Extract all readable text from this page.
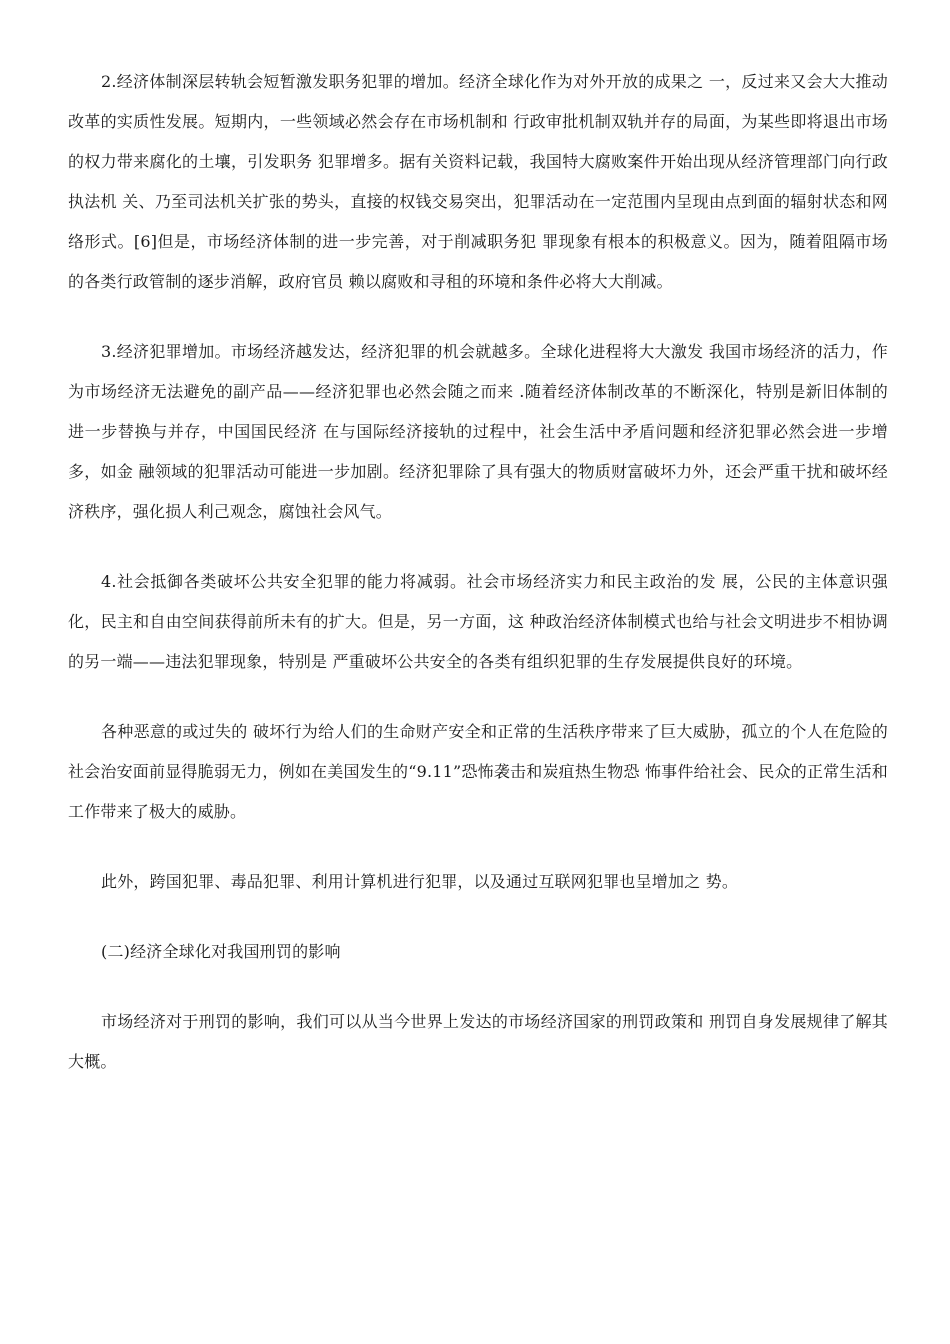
2.经济体制深层转轨会短暂激发职务犯罪的增加。经济全球化作为对外开放的成果之 一，反过来又会大大推动改革的实质性发展。短期内，一些领域必然会存在市场机制和 行政审批机制双轨并存的局面，为某些即将退出市场的权力带来腐化的土壤，引发职务 犯罪增多。据有关资料记载，我国特大腐败案件开始出现从经济管理部门向行政执法机 关、乃至司法机关扩张的势头，直接的权钱交易突出，犯罪活动在一定范围内呈现由点到面的辐射状态和网络形式。[6]但是，市场经济体制的进一步完善，对于削减职务犯 罪现象有根本的积极意义。因为，随着阻隔市场的各类行政管制的逐步消解，政府官员 赖以腐败和寻租的环境和条件必将大大削减。

3.经济犯罪增加。市场经济越发达，经济犯罪的机会就越多。全球化进程将大大激发 我国市场经济的活力，作为市场经济无法避免的副产品——经济犯罪也必然会随之而来 .随着经济体制改革的不断深化，特别是新旧体制的进一步替换与并存，中国国民经济 在与国际经济接轨的过程中，社会生活中矛盾问题和经济犯罪必然会进一步增多，如金 融领域的犯罪活动可能进一步加剧。经济犯罪除了具有强大的物质财富破坏力外，还会严重干扰和破坏经济秩序，强化损人利己观念，腐蚀社会风气。

4.社会抵御各类破坏公共安全犯罪的能力将减弱。社会市场经济实力和民主政治的发 展，公民的主体意识强化，民主和自由空间获得前所未有的扩大。但是，另一方面，这 种政治经济体制模式也给与社会文明进步不相协调的另一端——违法犯罪现象，特别是 严重破坏公共安全的各类有组织犯罪的生存发展提供良好的环境。

各种恶意的或过失的 破坏行为给人们的生命财产安全和正常的生活秩序带来了巨大威胁，孤立的个人在危险的社会治安面前显得脆弱无力，例如在美国发生的“9.11”恐怖袭击和炭疽热生物恐 怖事件给社会、民众的正常生活和工作带来了极大的威胁。

此外，跨国犯罪、毒品犯罪、利用计算机进行犯罪，以及通过互联网犯罪也呈增加之 势。

(二)经济全球化对我国刑罚的影响

市场经济对于刑罚的影响，我们可以从当今世界上发达的市场经济国家的刑罚政策和 刑罚自身发展规律了解其大概。
